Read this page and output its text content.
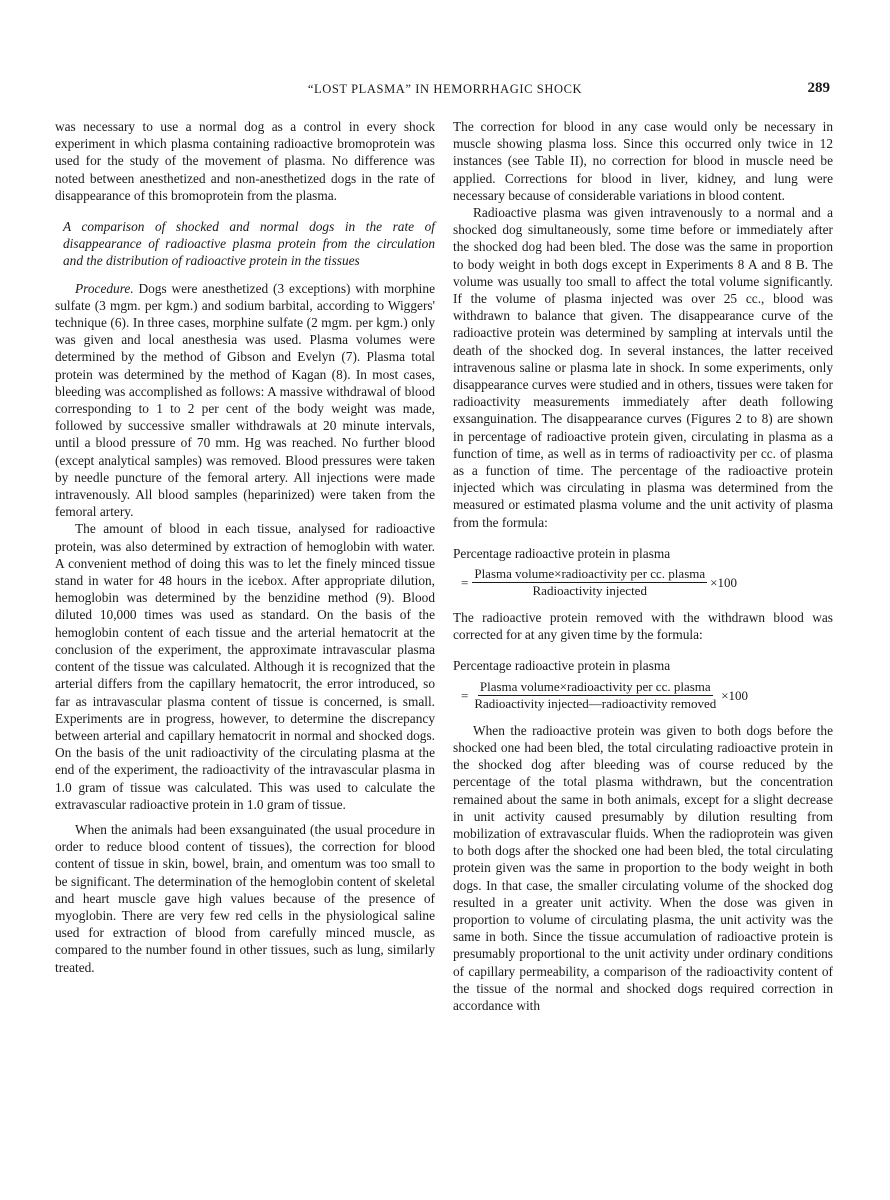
“LOST PLASMA” IN HEMORRHAGIC SHOCK	289

was necessary to use a normal dog as a control in every shock experiment in which plasma containing radioactive bromoprotein was used for the study of the movement of plasma. No difference was noted between anesthetized and non-anesthetized dogs in the rate of disappearance of this bromoprotein from the plasma.

A comparison of shocked and normal dogs in the rate of disappearance of radioactive plasma protein from the circulation and the distribution of radioactive protein in the tissues

Procedure. Dogs were anesthetized (3 exceptions) with morphine sulfate (3 mgm. per kgm.) and sodium barbital, according to Wiggers' technique (6). In three cases, morphine sulfate (2 mgm. per kgm.) only was given and local anesthesia was used. Plasma volumes were determined by the method of Gibson and Evelyn (7). Plasma total protein was determined by the method of Kagan (8). In most cases, bleeding was accomplished as follows: A massive withdrawal of blood corresponding to 1 to 2 per cent of the body weight was made, followed by successive smaller withdrawals at 20 minute intervals, until a blood pressure of 70 mm. Hg was reached. No further blood (except analytical samples) was removed. Blood pressures were taken by needle puncture of the femoral artery. All injections were made intravenously. All blood samples (heparinized) were taken from the femoral artery.

The amount of blood in each tissue, analysed for radioactive protein, was also determined by extraction of hemoglobin with water. A convenient method of doing this was to let the finely minced tissue stand in water for 48 hours in the icebox. After appropriate dilution, hemoglobin was determined by the benzidine method (9). Blood diluted 10,000 times was used as standard. On the basis of the hemoglobin content of each tissue and the arterial hematocrit at the conclusion of the experiment, the approximate intravascular plasma content of the tissue was calculated. Although it is recognized that the arterial differs from the capillary hematocrit, the error introduced, so far as intravascular plasma content of tissue is concerned, is small. Experiments are in progress, however, to determine the discrepancy between arterial and capillary hematocrit in normal and shocked dogs. On the basis of the unit radioactivity of the circulating plasma at the end of the experiment, the radioactivity of the intravascular plasma in 1.0 gram of tissue was calculated. This was used to calculate the extravascular radioactive protein in 1.0 gram of tissue.

When the animals had been exsanguinated (the usual procedure in order to reduce blood content of tissues), the correction for blood content of tissue in skin, bowel, brain, and omentum was too small to be significant. The determination of the hemoglobin content of skeletal and heart muscle gave high values because of the presence of myoglobin. There are very few red cells in the physiological saline used for extraction of blood from carefully minced muscle, as compared to the number found in other tissues, such as lung, similarly treated.

The correction for blood in any case would only be necessary in muscle showing plasma loss. Since this occurred only twice in 12 instances (see Table II), no correction for blood in muscle need be applied. Corrections for blood in liver, kidney, and lung were necessary because of considerable variations in blood content.

Radioactive plasma was given intravenously to a normal and a shocked dog simultaneously, some time before or immediately after the shocked dog had been bled. The dose was the same in proportion to body weight in both dogs except in Experiments 8 A and 8 B. The volume was usually too small to affect the total volume significantly. If the volume of plasma injected was over 25 cc., blood was withdrawn to balance that given. The disappearance curve of the radioactive protein was determined by sampling at intervals until the death of the shocked dog. In several instances, the latter received intravenous saline or plasma late in shock. In some experiments, only disappearance curves were studied and in others, tissues were taken for radioactivity measurements immediately after death following exsanguination. The disappearance curves (Figures 2 to 8) are shown in percentage of radioactive protein given, circulating in plasma as a function of time, as well as in terms of radioactivity per cc. of plasma as a function of time. The percentage of the radioactive protein injected which was circulating in plasma was determined from the measured or estimated plasma volume and the unit activity of plasma from the formula:

Percentage radioactive protein in plasma

= $\frac{\text{Plasma volume×radioactivity per cc. plasma}}{\text{Radioactivity injected}} \times 100$

The radioactive protein removed with the withdrawn blood was corrected for at any given time by the formula:

Percentage radioactive protein in plasma

= $\frac{\text{Plasma volume×radioactivity per cc. plasma}}{\text{Radioactivity injected—radioactivity removed}} \times 100$

When the radioactive protein was given to both dogs before the shocked one had been bled, the total circulating radioactive protein in the shocked dog after bleeding was of course reduced by the percentage of the total plasma withdrawn, but the concentration remained about the same in both animals, except for a slight decrease in unit activity caused presumably by dilution resulting from mobilization of extravascular fluids. When the radioprotein was given to both dogs after the shocked one had been bled, the total circulating protein given was the same in proportion to the body weight in both dogs. In that case, the smaller circulating volume of the shocked dog resulted in a greater unit activity. When the dose was given in proportion to volume of circulating plasma, the unit activity was the same in both. Since the tissue accumulation of radioactive protein is presumably proportional to the unit activity under ordinary conditions of capillary permeability, a comparison of the radioactivity content of the tissue of the normal and shocked dogs required correction in accordance with
